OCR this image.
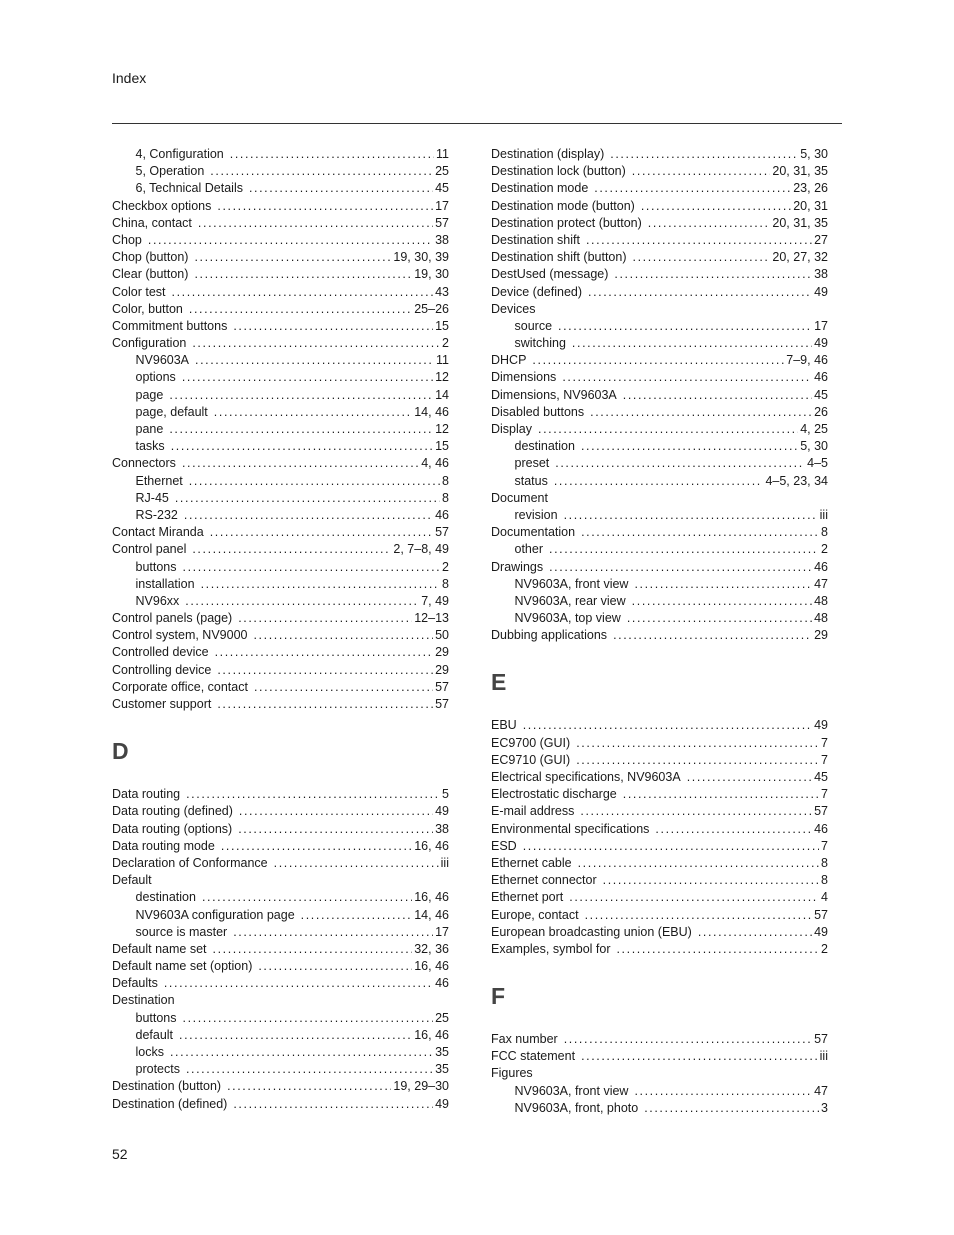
Index
4, Configuration .....	11
5, Operation .....	25
6, Technical Details .....	45
Checkbox options .....	17
China, contact .....	57
Chop .....	38
Chop (button) .....	19, 30, 39
Clear (button) .....	19, 30
Color test .....	43
Color, button .....	25–26
Commitment buttons .....	15
Configuration .....	2
NV9603A .....	11
options .....	12
page .....	14
page, default .....	14, 46
pane .....	12
tasks .....	15
Connectors .....	4, 46
Ethernet .....	8
RJ-45 .....	8
RS-232 .....	46
Contact Miranda .....	57
Control panel .....	2, 7–8, 49
buttons .....	2
installation .....	8
NV96xx .....	7, 49
Control panels (page) .....	12–13
Control system, NV9000 .....	50
Controlled device .....	29
Controlling device .....	29
Corporate office, contact .....	57
Customer support .....	57
D
Data routing .....	5
Data routing (defined) .....	49
Data routing (options) .....	38
Data routing mode .....	16, 46
Declaration of Conformance .....	iii
Default
destination .....	16, 46
NV9603A configuration page .....	14, 46
source is master .....	17
Default name set .....	32, 36
Default name set (option) .....	16, 46
Defaults .....	46
Destination
buttons .....	25
default .....	16, 46
locks .....	35
protects .....	35
Destination (button) .....	19, 29–30
Destination (defined) .....	49
Destination (display) .....	5, 30
Destination lock (button) .....	20, 31, 35
Destination mode .....	23, 26
Destination mode (button) .....	20, 31
Destination protect (button) .....	20, 31, 35
Destination shift .....	27
Destination shift (button) .....	20, 27, 32
DestUsed (message) .....	38
Device (defined) .....	49
Devices
source .....	17
switching .....	49
DHCP .....	7–9, 46
Dimensions .....	46
Dimensions, NV9603A .....	45
Disabled buttons .....	26
Display .....	4, 25
destination .....	5, 30
preset .....	4–5
status .....	4–5, 23, 34
Document
revision .....	iii
Documentation .....	8
other .....	2
Drawings .....	46
NV9603A, front view .....	47
NV9603A, rear view .....	48
NV9603A, top view .....	48
Dubbing applications .....	29
E
EBU .....	49
EC9700 (GUI) .....	7
EC9710 (GUI) .....	7
Electrical specifications, NV9603A .....	45
Electrostatic discharge .....	7
E-mail address .....	57
Environmental specifications .....	46
ESD .....	7
Ethernet cable .....	8
Ethernet connector .....	8
Ethernet port .....	4
Europe, contact .....	57
European broadcasting union (EBU) .....	49
Examples, symbol for .....	2
F
Fax number .....	57
FCC statement .....	iii
Figures
NV9603A, front view .....	47
NV9603A, front, photo .....	3
52
